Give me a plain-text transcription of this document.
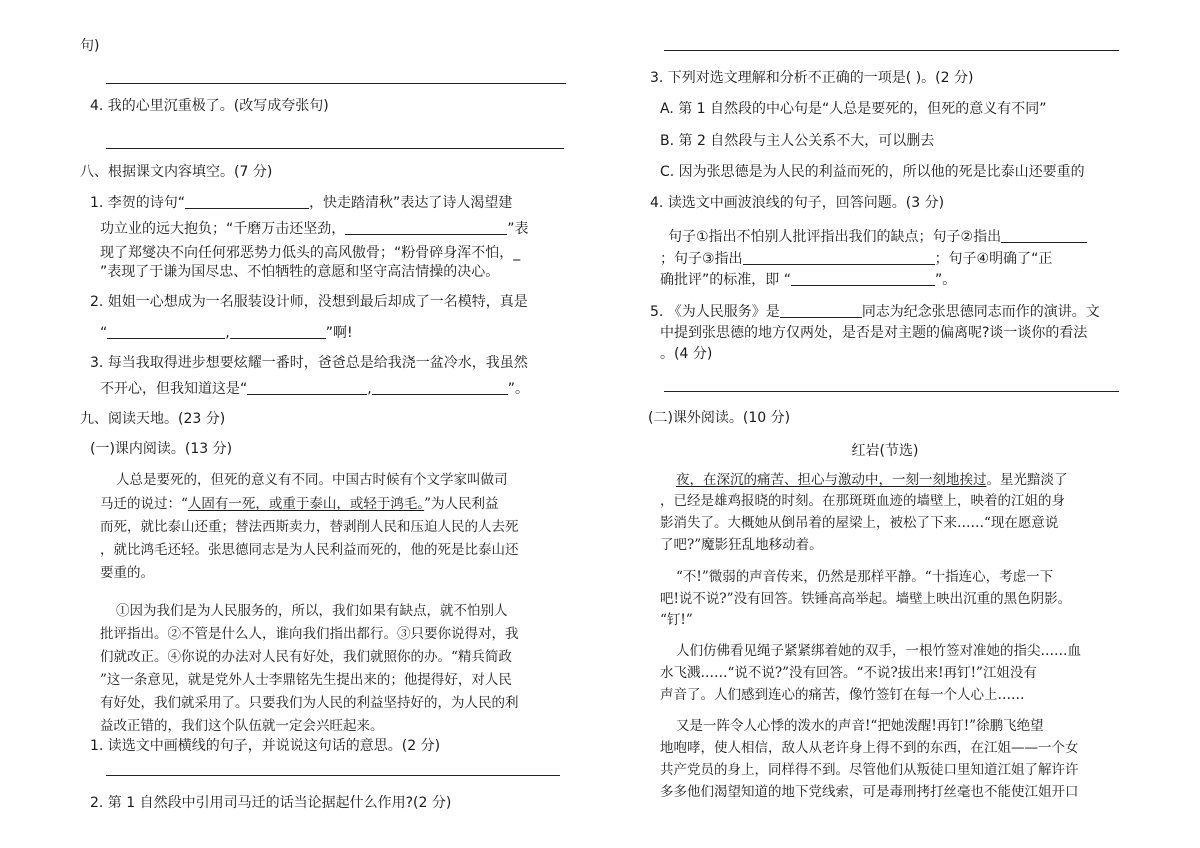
句)
4. 我的心里沉重极了。(改写成夸张句)
八、根据课文内容填空。(7 分)
1. 李贺的诗句“	，快走踏清秋”表达了诗人渴望建
功立业的远大抱负；“千磨万击还坚劲，	”表
现了郑燮决不向任何邪恶势力低头的高风傲骨；“粉骨碎身浑不怕，_
”表现了于谦为国尽忠、不怕牺牲的意愿和坚守高洁情操的决心。
2. 姐姐一心想成为一名服装设计师，没想到最后却成了一名模特，真是
“	,	”啊!
3. 每当我取得进步想要炫耀一番时，爸爸总是给我浇一盆冷水，我虽然
不开心，但我知道这是“	,	”。
九、阅读天地。(23 分)
(一)课内阅读。(13 分)
人总是要死的，但死的意义有不同。中国古时候有个文学家叫做司
马迁的说过：“人固有一死，或重于泰山，或轻于鸿毛。”为人民利益
而死，就比泰山还重；替法西斯卖力，替剥削人民和压迫人民的人去死
，就比鸿毛还轻。张思德同志是为人民利益而死的，他的死是比泰山还
要重的。
①因为我们是为人民服务的，所以，我们如果有缺点，就不怕别人
批评指出。②不管是什么人，谁向我们指出都行。③只要你说得对，我
们就改正。④你说的办法对人民有好处，我们就照你的办。“精兵简政
”这一条意见，就是党外人士李鼎铭先生提出来的；他提得好，对人民
有好处，我们就采用了。只要我们为人民的利益坚持好的，为人民的利
益改正错的，我们这个队伍就一定会兴旺起来。
1. 读选文中画横线的句子，并说说这句话的意思。(2 分)
2. 第 1 自然段中引用司马迁的话当论据起什么作用?(2 分)
3. 下列对选文理解和分析不正确的一项是( )。(2 分)
A. 第 1 自然段的中心句是“人总是要死的，但死的意义有不同”
B. 第 2 自然段与主人公关系不大，可以删去
C. 因为张思德是为人民的利益而死的，所以他的死是比泰山还要重的
4. 读选文中画波浪线的句子，回答问题。(3 分)
句子①指出不怕别人批评指出我们的缺点；句子②指出
；句子③指出	；句子④明确了“正
确批评”的标准，即 “	”。
5. 《为人民服务》是	同志为纪念张思德同志而作的演讲。文
中提到张思德的地方仅两处，是否是对主题的偏离呢?谈一谈你的看法
。(4 分)
(二)课外阅读。(10 分)
红岩(节选)
夜，在深沉的痛苦、担心与激动中，一刻一刻地挨过。星光黯淡了
，已经是雄鸡报晓的时刻。在那斑斑血迹的墙壁上，映着的江姐的身
影消失了。大概她从倒吊着的屋梁上，被松了下来……“现在愿意说
了吧?”魔影狂乱地移动着。
“不!”微弱的声音传来，仍然是那样平静。“十指连心，考虑一下
吧!说不说?”没有回答。铁锤高高举起。墙壁上映出沉重的黑色阴影。
“钉!”
人们仿佛看见绳子紧紧绑着她的双手，一根竹签对准她的指尖……血
水飞溅……“说不说?”没有回答。“不说?拔出来!再钉!”江姐没有
声音了。人们感到连心的痛苦，像竹签钉在每一个人心上……
又是一阵令人心悸的泼水的声音!“把她泼醒!再钉!”徐鹏飞绝望
地咆哮，使人相信，敌人从老许身上得不到的东西，在江姐——一个女
共产党员的身上，同样得不到。尽管他们从叛徒口里知道江姐了解许许
多多他们渴望知道的地下党线索，可是毒刑拷打丝毫也不能使江姐开口
